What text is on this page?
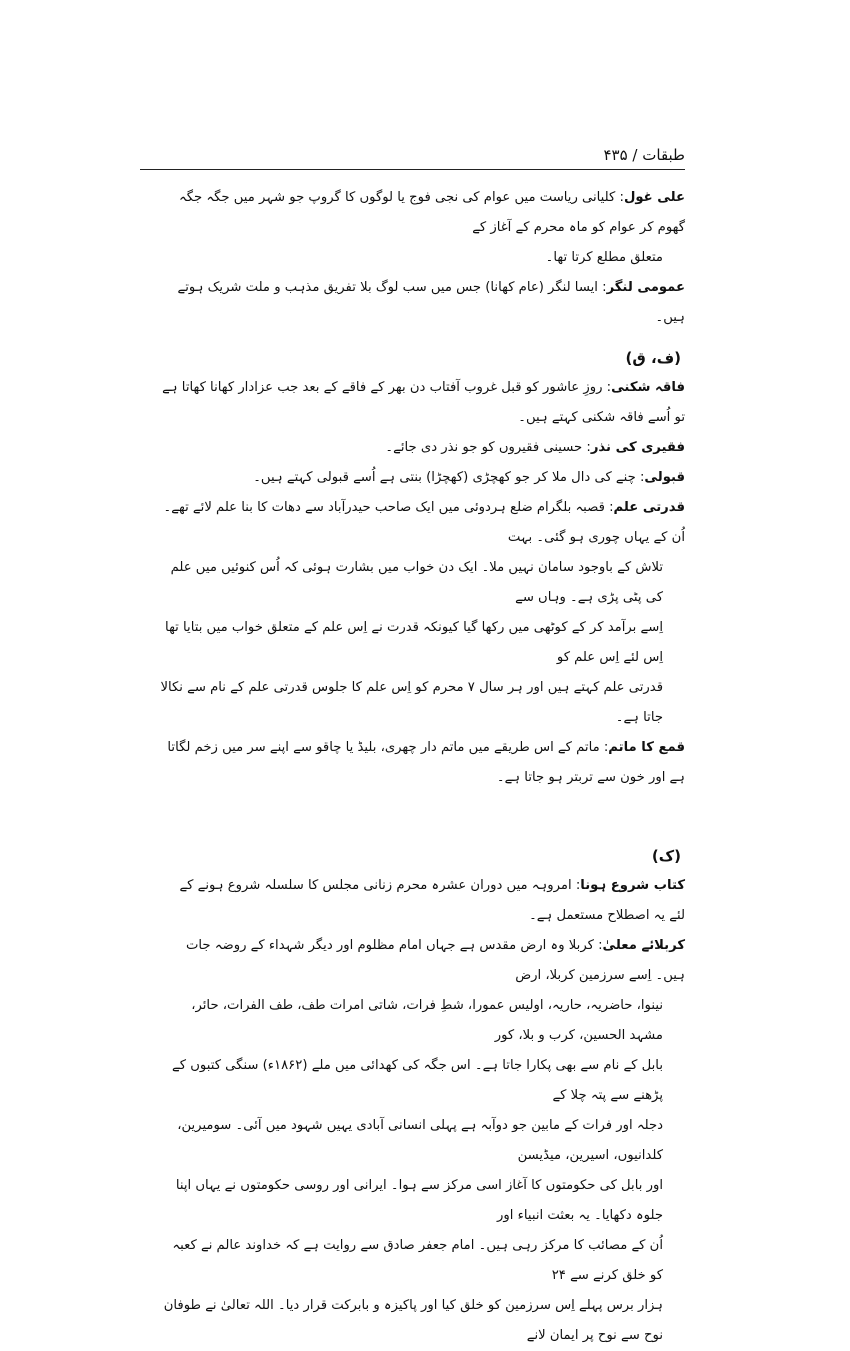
طبقات / ۴۳۵

علی غول: کلیانی ریاست میں عوام کی نجی فوج یا لوگوں کا گروپ جو شہر میں جگہ جگہ گھوم کر عوام کو ماہ محرم کے آغاز کے
متعلق مطلع کرتا تھا۔

عمومی لنگر: ایسا لنگر (عام کھانا) جس میں سب لوگ بلا تفریق مذہب و ملت شریک ہوتے ہیں۔

(ف، ق)

فاقہ شکنی: روزِ عاشور کو قبل غروب آفتاب دن بھر کے فاقے کے بعد جب عزادار کھانا کھاتا ہے تو اُسے فاقہ شکنی کہتے ہیں۔

فقیری کی نذر: حسینی فقیروں کو جو نذر دی جائے۔

قبولی: چنے کی دال ملا کر جو کھچڑی (کھچڑا) بنتی ہے اُسے قبولی کہتے ہیں۔

قدرتی علم: قصبہ بلگرام ضلع ہردوئی میں ایک صاحب حیدرآباد سے دھات کا بنا علم لائے تھے۔ اُن کے یہاں چوری ہو گئی۔ بہت
تلاش کے باوجود سامان نہیں ملا۔ ایک دن خواب میں بشارت ہوئی کہ اُس کنوئیں میں علم کی پٹی پڑی ہے۔ وہاں سے
اِسے برآمد کر کے کوٹھی میں رکھا گیا کیونکہ قدرت نے اِس علم کے متعلق خواب میں بتایا تھا اِس لئے اِس علم کو
قدرتی علم کہتے ہیں اور ہر سال ۷ محرم کو اِس علم کا جلوس قدرتی علم کے نام سے نکالا جاتا ہے۔

قمع کا ماتم: ماتم کے اس طریقے میں ماتم دار چھری، بلیڈ یا چاقو سے اپنے سر میں زخم لگاتا ہے اور خون سے تربتر ہو جاتا ہے۔

(ک)

کتاب شروع ہونا: امروہہ میں دوران عشرہ محرم زنانی مجلس کا سلسلہ شروع ہونے کے لئے یہ اصطلاح مستعمل ہے۔

کربلائے معلیٰ: کربلا وہ ارض مقدس ہے جہاں امام مظلوم اور دیگر شہداء کے روضہ جات ہیں۔ اِسے سرزمین کربلا، ارض
نینوا، حاضریہ، حاریہ، اولیس عمورا، شطِ فرات، شاتی امرات طف، طف الفرات، حائر، مشہد الحسین، کرب و بلا، کور
بابل کے نام سے بھی پکارا جاتا ہے۔ اس جگہ کی کھدائی میں ملے (۱۸۶۲ء) سنگی کتبوں کے پڑھنے سے پتہ چلا کے
دجلہ اور فرات کے مابین جو دوآبہ ہے پہلی انسانی آبادی یہیں شہود میں آئی۔ سومیرین، کلدانیوں، اسیرین، میڈیسن
اور بابل کی حکومتوں کا آغاز اسی مرکز سے ہوا۔ ایرانی اور روسی حکومتوں نے یہاں اپنا جلوہ دکھایا۔ یہ بعثت انبیاء اور
اُن کے مصائب کا مرکز رہی ہیں۔ امام جعفر صادق سے روایت ہے کہ خداوند عالم نے کعبہ کو خلق کرنے سے ۲۴
ہزار برس پہلے اِس سرزمین کو خلق کیا اور پاکیزہ و بابرکت قرار دیا۔ اللہ تعالیٰ نے طوفان نوح سے نوح پر ایمان لانے
